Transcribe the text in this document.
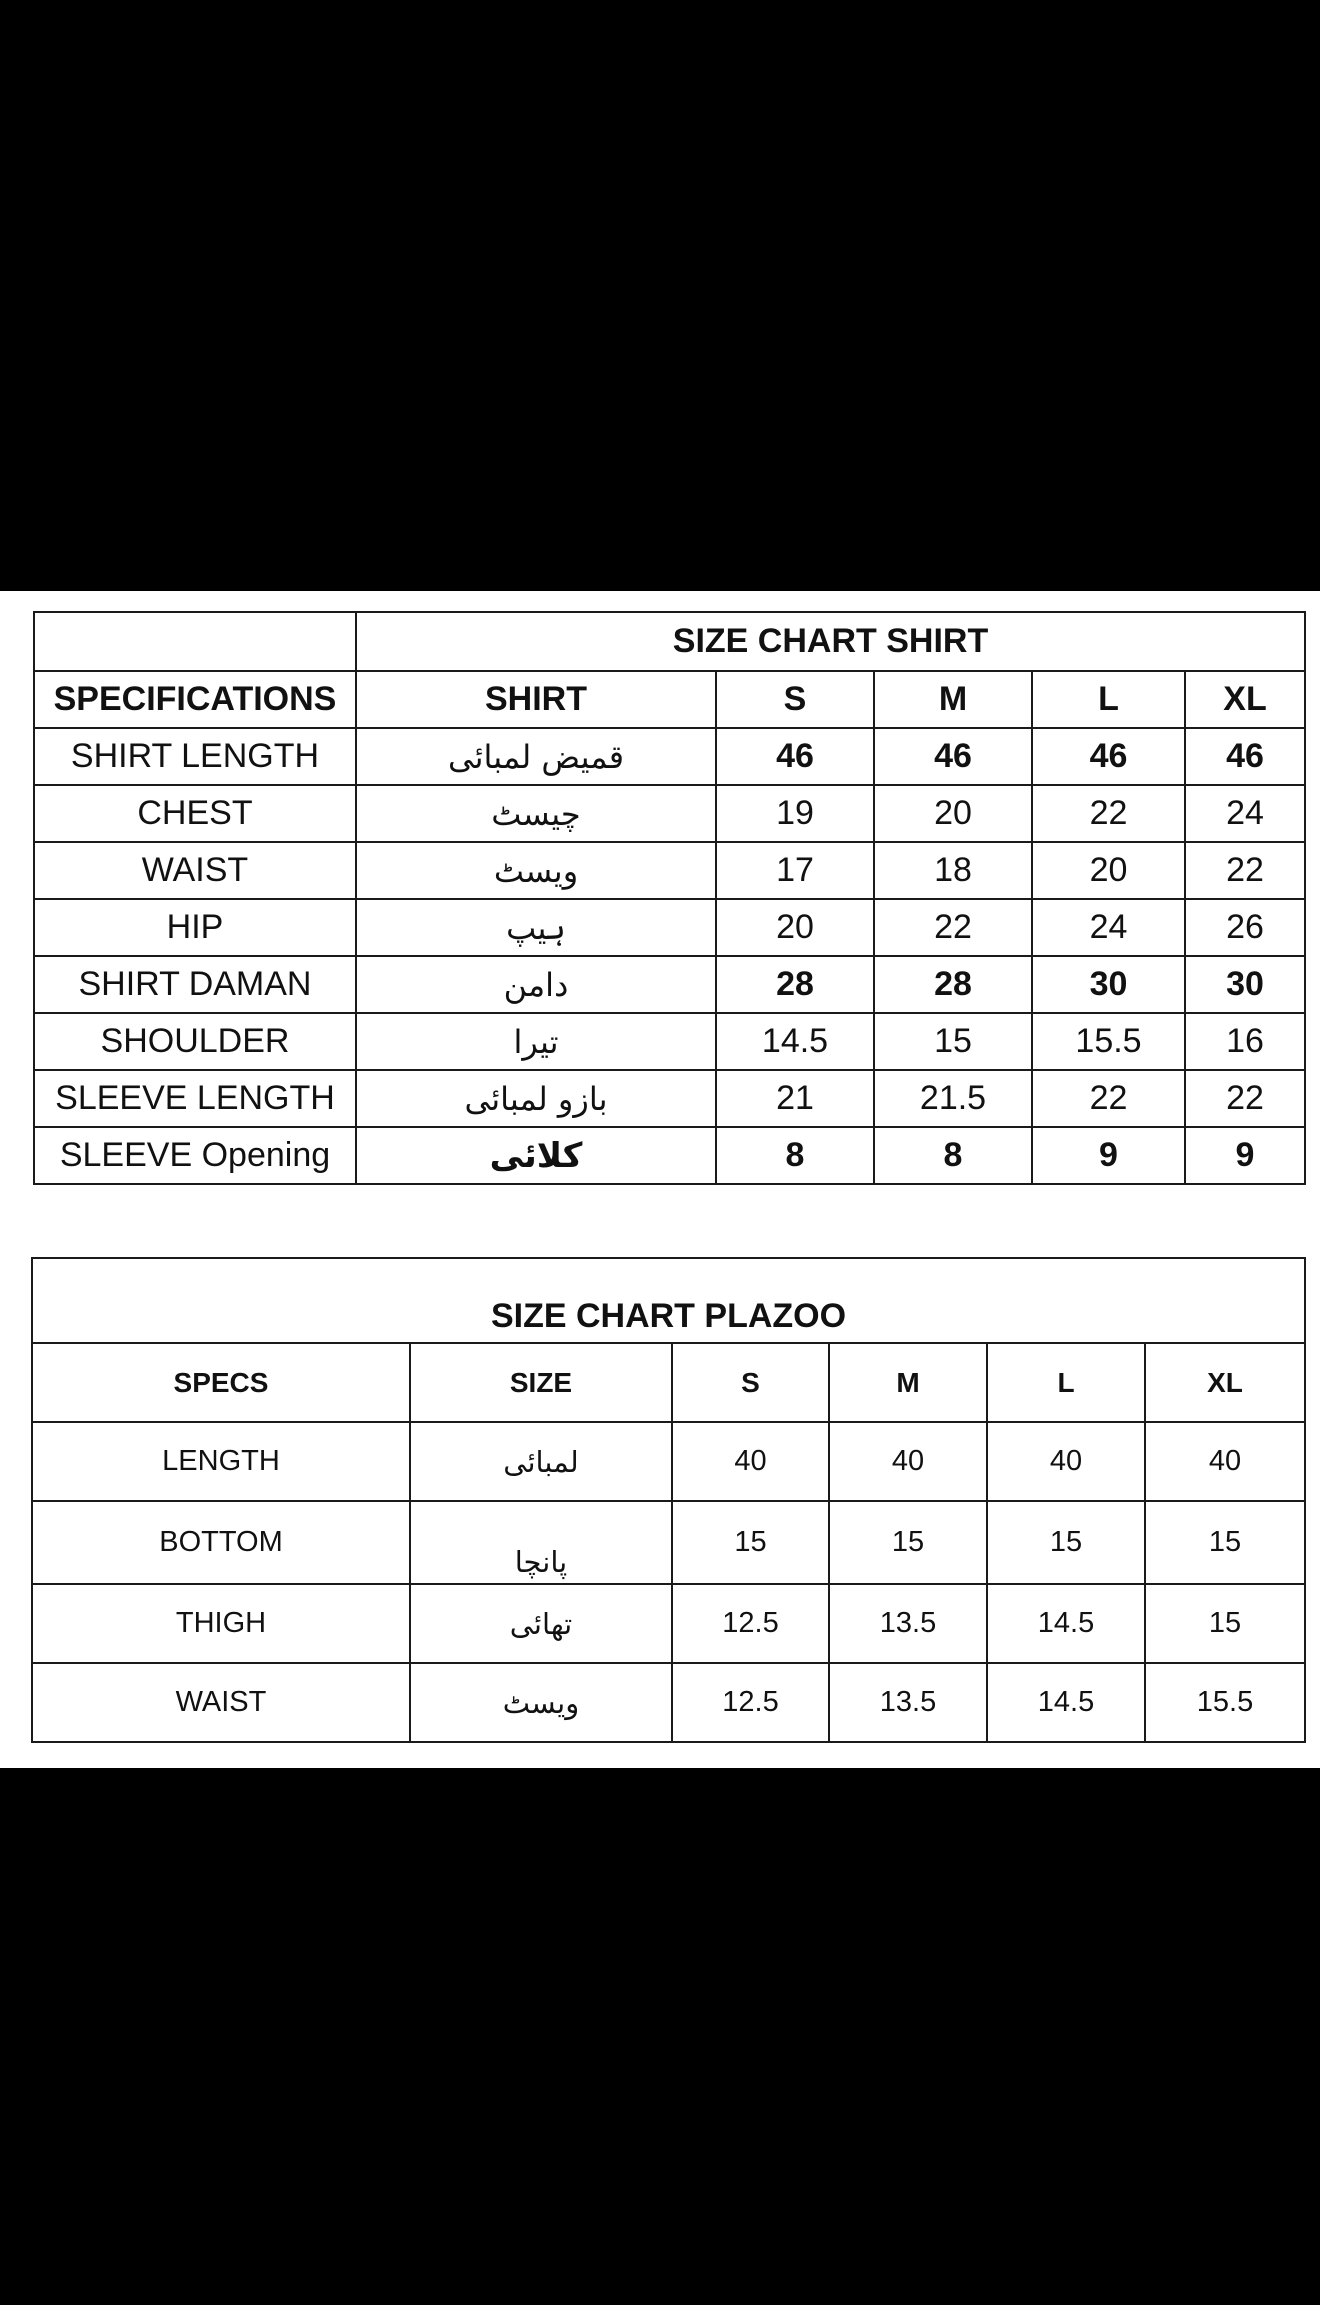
	SIZE CHART SHIRT				
SPECIFICATIONS	SHIRT	S	M	L	XL
SHIRT LENGTH	قمیض لمبائی	46	46	46	46
CHEST	چیسٹ	19	20	22	24
WAIST	ویسٹ	17	18	20	22
HIP	ہیپ	20	22	24	26
SHIRT DAMAN	دامن	28	28	30	30
SHOULDER	تیرا	14.5	15	15.5	16
SLEEVE LENGTH	بازو لمبائی	21	21.5	22	22
SLEEVE Opening	کلائی	8	8	9	9
SIZE CHART PLAZOO					
SPECS	SIZE	S	M	L	XL
LENGTH	لمبائی	40	40	40	40
BOTTOM	پانچا	15	15	15	15
THIGH	تھائی	12.5	13.5	14.5	15
WAIST	ویسٹ	12.5	13.5	14.5	15.5
